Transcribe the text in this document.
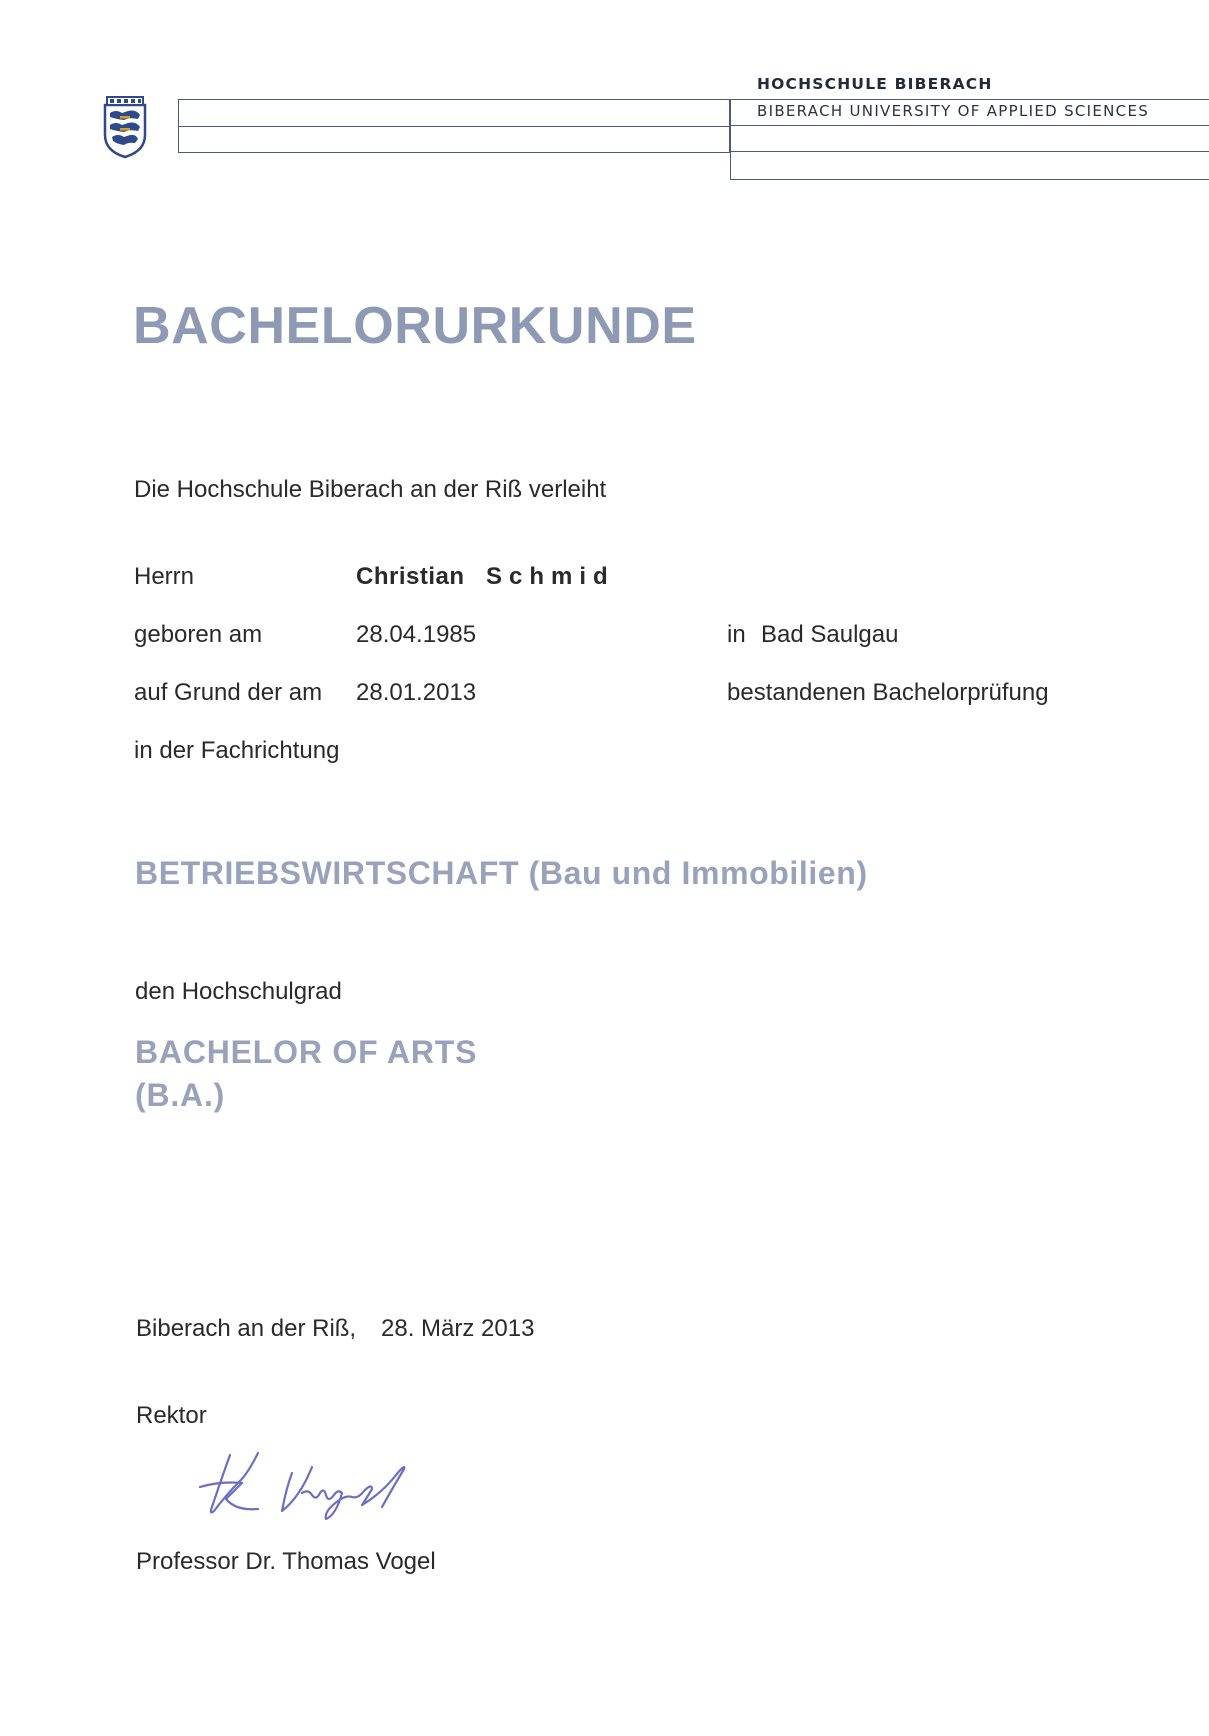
HOCHSCHULE BIBERACH
BIBERACH UNIVERSITY OF APPLIED SCIENCES
BACHELORURKUNDE
Die Hochschule Biberach an der Riß verleiht
Herrn	Christian Schmid
geboren am	28.04.1985	in Bad Saulgau
auf Grund der am 28.01.2013	bestandenen Bachelorprüfung
in der Fachrichtung
BETRIEBSWIRTSCHAFT (Bau und Immobilien)
den Hochschulgrad
BACHELOR OF ARTS
(B.A.)
Biberach an der Riß, 28. März 2013
Rektor
Professor Dr. Thomas Vogel
